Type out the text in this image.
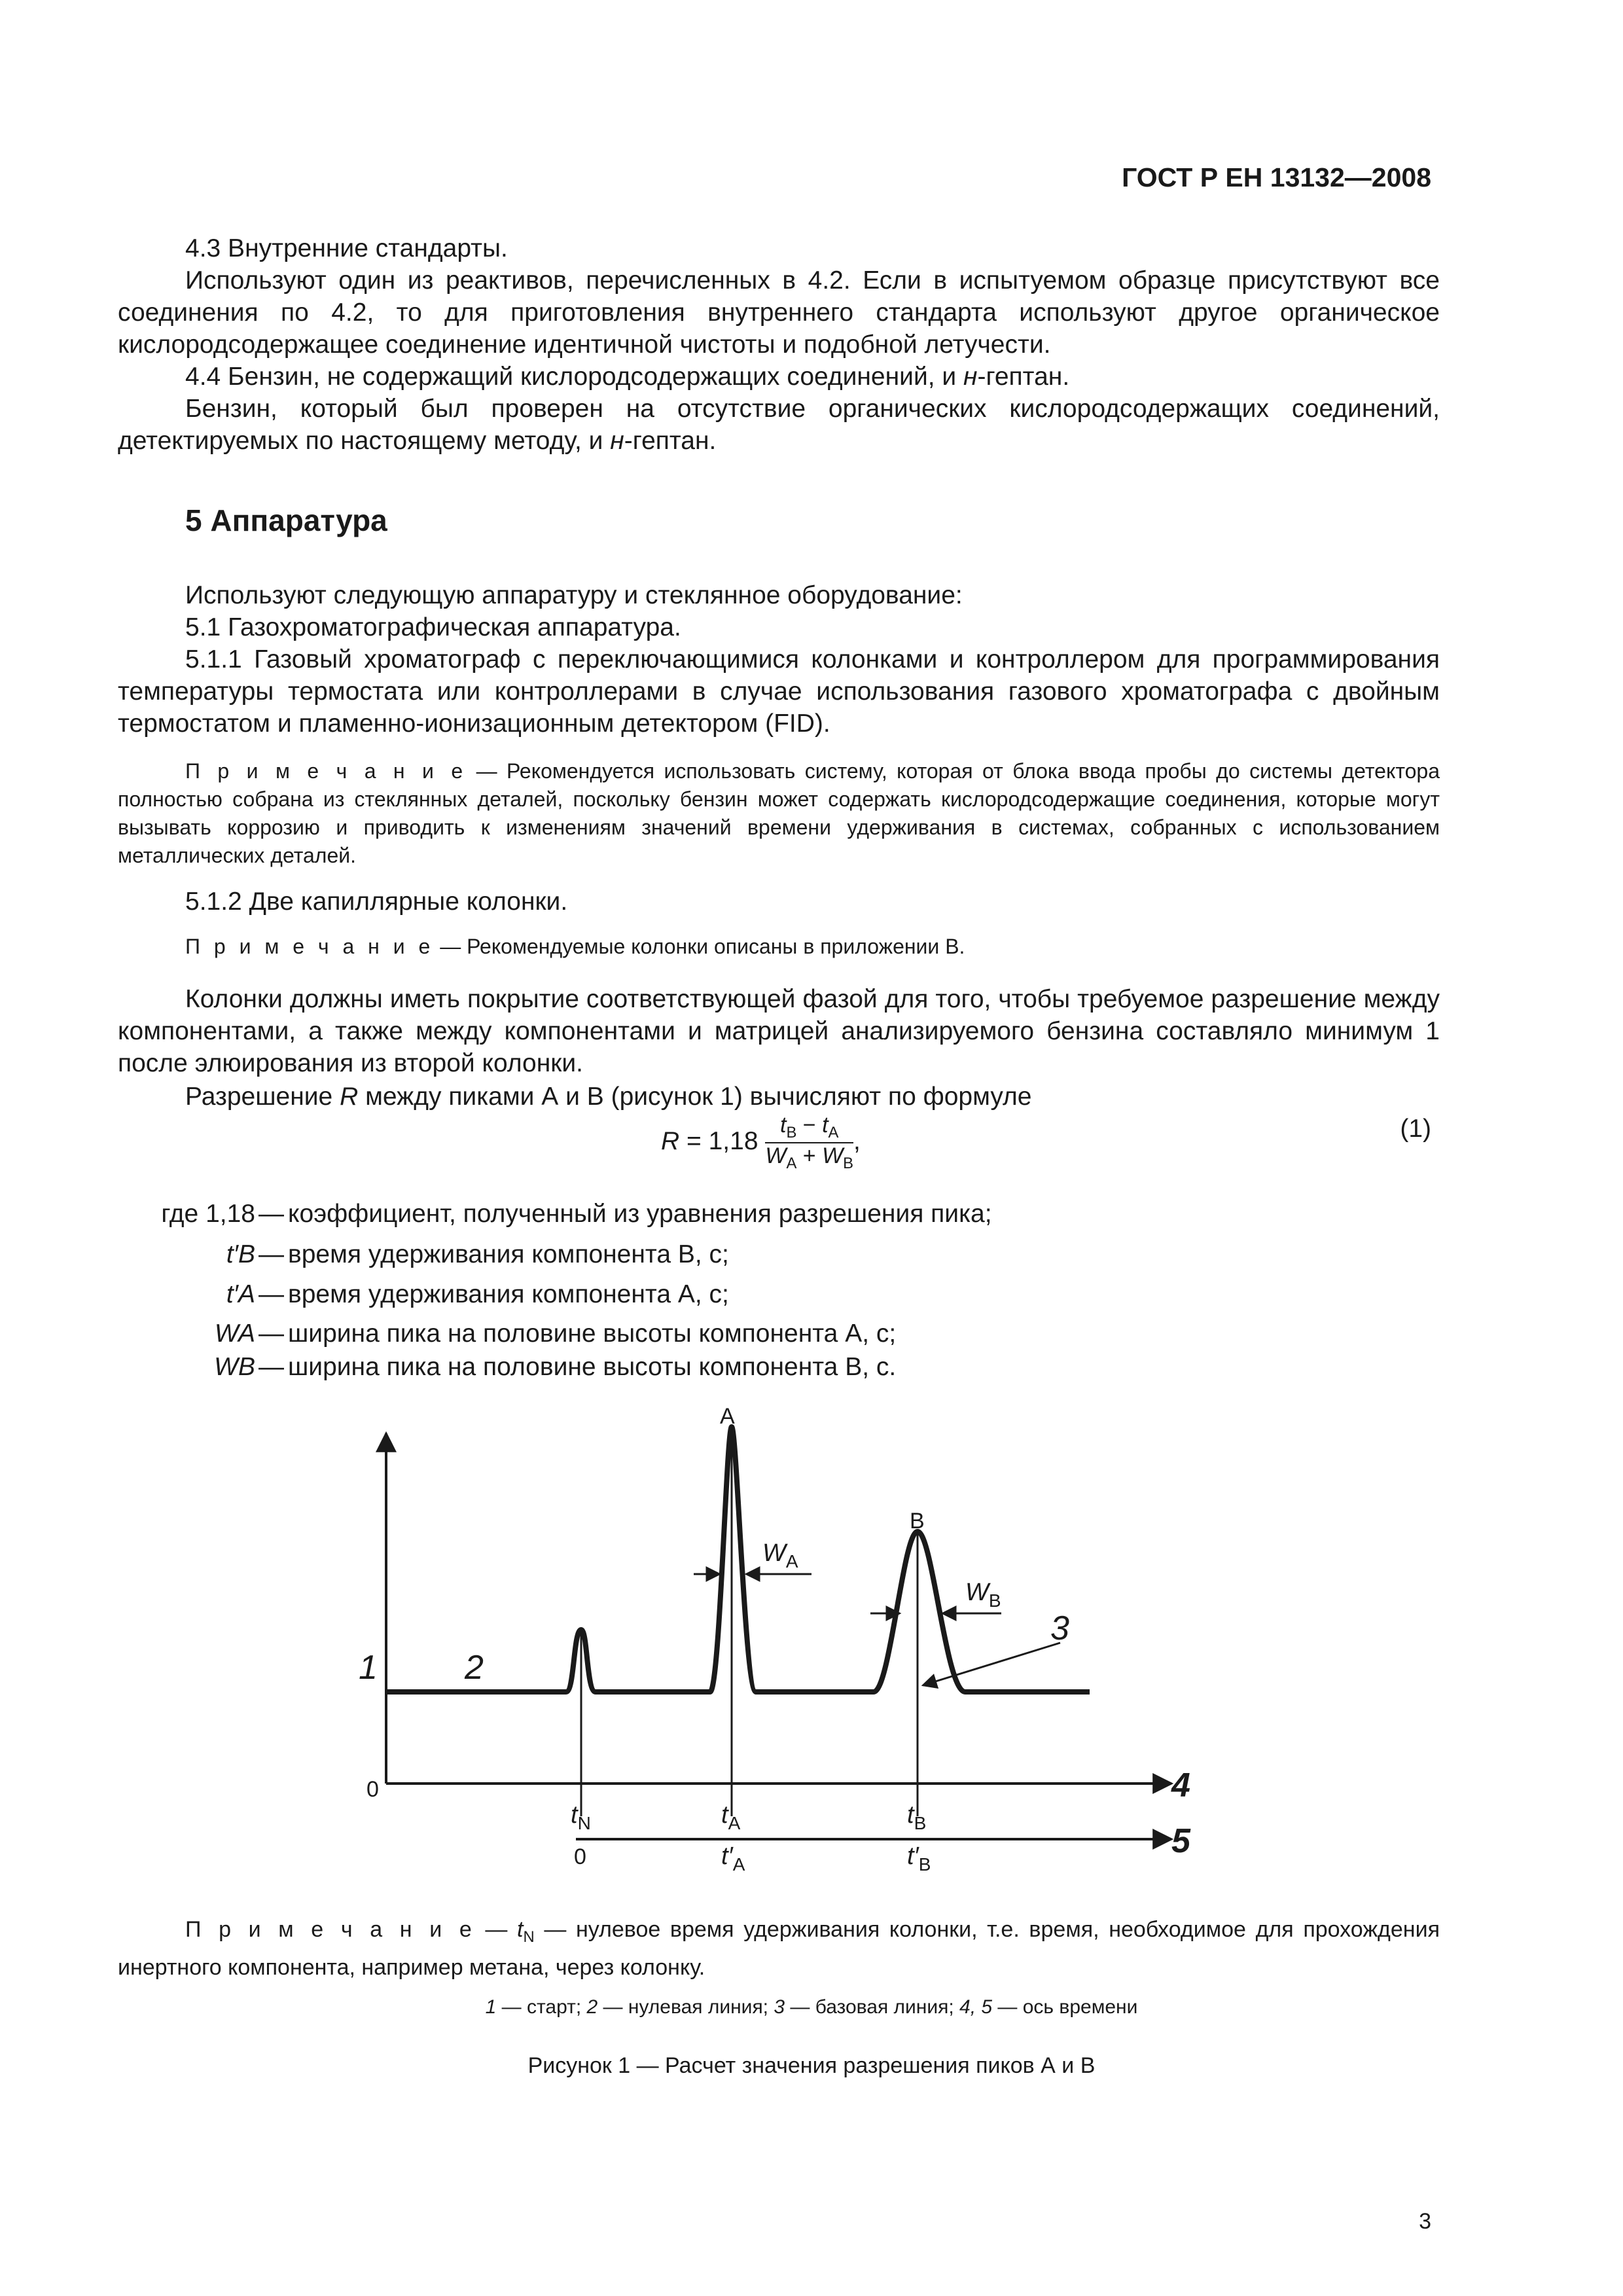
ГОСТ Р ЕН 13132—2008
4.3 Внутренние стандарты.
Используют один из реактивов, перечисленных в 4.2. Если в испытуемом образце присутствуют все соединения по 4.2, то для приготовления внутреннего стандарта используют другое органическое кислородсодержащее соединение идентичной чистоты и подобной летучести.
4.4 Бензин, не содержащий кислородсодержащих соединений, и н-гептан.
Бензин, который был проверен на отсутствие органических кислородсодержащих соединений, детектируемых по настоящему методу, и н-гептан.
5 Аппаратура
Используют следующую аппаратуру и стеклянное оборудование:
5.1 Газохроматографическая аппаратура.
5.1.1 Газовый хроматограф с переключающимися колонками и контроллером для программирования температуры термостата или контроллерами в случае использования газового хроматографа с двойным термостатом и пламенно-ионизационным детектором (FID).
П р и м е ч а н и е — Рекомендуется использовать систему, которая от блока ввода пробы до системы детектора полностью собрана из стеклянных деталей, поскольку бензин может содержать кислородсодержащие соединения, которые могут вызывать коррозию и приводить к изменениям значений времени удерживания в системах, собранных с использованием металлических деталей.
5.1.2 Две капиллярные колонки.
П р и м е ч а н и е — Рекомендуемые колонки описаны в приложении B.
Колонки должны иметь покрытие соответствующей фазой для того, чтобы требуемое разрешение между компонентами, а также между компонентами и матрицей анализируемого бензина составляло минимум 1 после элюирования из второй колонки.
Разрешение R между пиками А и В (рисунок 1) вычисляют по формуле
$R = 1,18 \frac{t_B - t_A}{W_A + W_B}$ ,	(1)
где 1,18 — коэффициент, полученный из уравнения разрешения пика;
t′B — время удерживания компонента В, с;
t′A — время удерживания компонента А, с;
WA — ширина пика на половине высоты компонента А, с;
WB — ширина пика на половине высоты компонента В, с.
A
B
$W_A$
$W_B$
1	2
3
4
5
0
$t_N$	$t_A$	$t_B$
0	$t'_A$	$t'_B$
П р и м е ч а н и е — $t_N$ — нулевое время удерживания колонки, т.е. время, необходимое для прохождения инертного компонента, например метана, через колонку.
1 — старт; 2 — нулевая линия; 3 — базовая линия; 4, 5 — ось времени
Рисунок 1 — Расчет значения разрешения пиков А и В
3
